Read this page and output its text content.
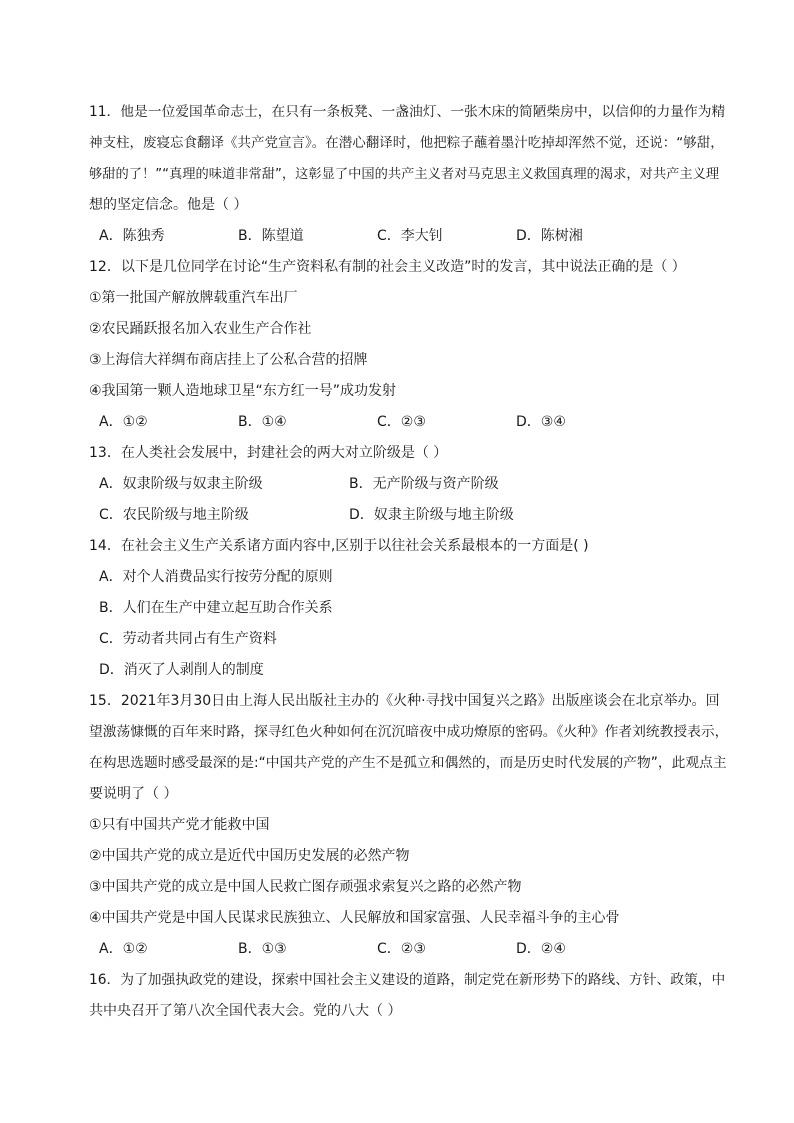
11．他是一位爱国革命志士，在只有一条板凳、一盏油灯、一张木床的简陋柴房中，以信仰的力量作为精
神支柱，废寝忘食翻译《共产党宣言》。在潜心翻译时，他把粽子蘸着墨汁吃掉却浑然不觉，还说：“够甜，
够甜的了！”“真理的味道非常甜”，这彰显了中国的共产主义者对马克思主义救国真理的渴求，对共产主义理
想的坚定信念。他是（ ）
A．陈独秀	B．陈望道	C．李大钊	D．陈树湘
12．以下是几位同学在讨论“生产资料私有制的社会主义改造”时的发言，其中说法正确的是（ ）
①第一批国产解放牌载重汽车出厂
②农民踊跃报名加入农业生产合作社
③上海信大祥绸布商店挂上了公私合营的招牌
④我国第一颗人造地球卫星“东方红一号”成功发射
A．①②	B．①④	C．②③	D．③④
13．在人类社会发展中，封建社会的两大对立阶级是（ ）
A．奴隶阶级与奴隶主阶级	B．无产阶级与资产阶级
C．农民阶级与地主阶级	D．奴隶主阶级与地主阶级
14．在社会主义生产关系诸方面内容中,区别于以往社会关系最根本的一方面是( )
A．对个人消费品实行按劳分配的原则
B．人们在生产中建立起互助合作关系
C．劳动者共同占有生产资料
D．消灭了人剥削人的制度
15．2021年3月30日由上海人民出版社主办的《火种·寻找中国复兴之路》出版座谈会在北京举办。回
望激荡慷慨的百年来时路，探寻红色火种如何在沉沉暗夜中成功燎原的密码。《火种》作者刘统教授表示，
在构思选题时感受最深的是:“中国共产党的产生不是孤立和偶然的，而是历史时代发展的产物”，此观点主
要说明了（ ）
①只有中国共产党才能救中国
②中国共产党的成立是近代中国历史发展的必然产物
③中国共产党的成立是中国人民救亡图存顽强求索复兴之路的必然产物
④中国共产党是中国人民谋求民族独立、人民解放和国家富强、人民幸福斗争的主心骨
A．①②	B．①③	C．②③	D．②④
16．为了加强执政党的建设，探索中国社会主义建设的道路，制定党在新形势下的路线、方针、政策，中
共中央召开了第八次全国代表大会。党的八大（ ）
